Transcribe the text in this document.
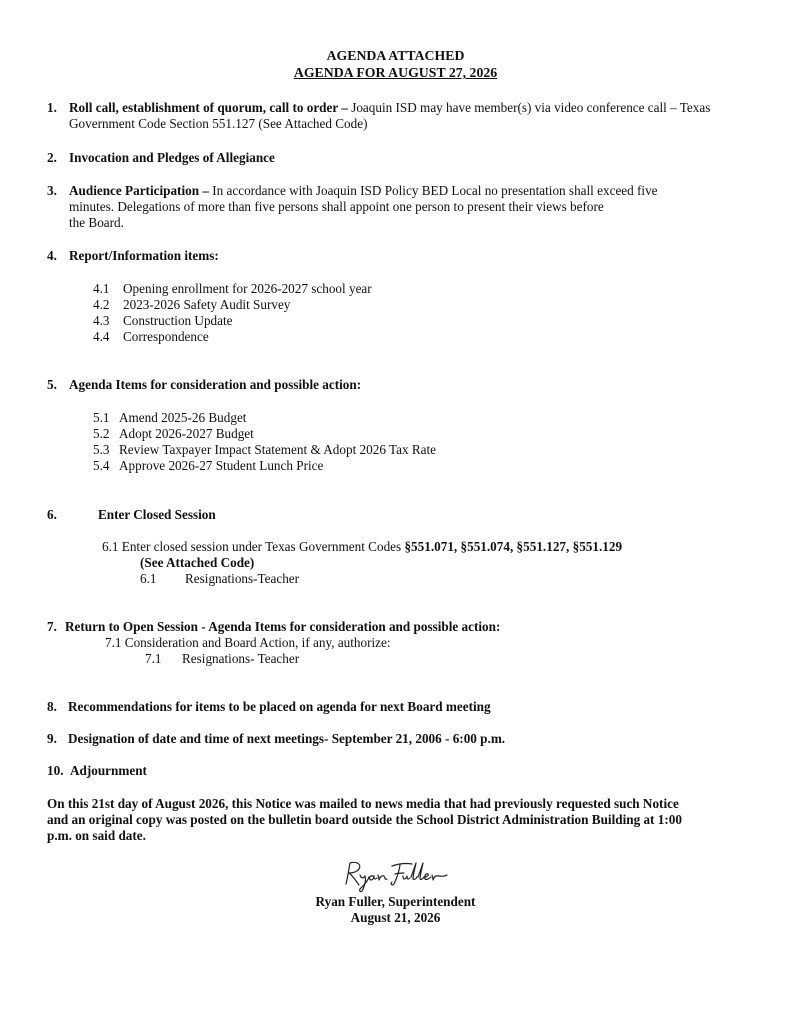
AGENDA ATTACHED
AGENDA FOR AUGUST 27, 2026
1. Roll call, establishment of quorum, call to order – Joaquin ISD may have member(s) via video conference call – Texas
Government Code Section 551.127 (See Attached Code)
2. Invocation and Pledges of Allegiance
3. Audience Participation – In accordance with Joaquin ISD Policy BED Local no presentation shall exceed five
minutes. Delegations of more than five persons shall appoint one person to present their views before
the Board.
4. Report/Information items:
4.1 Opening enrollment for 2026-2027 school year
4.2 2023-2026 Safety Audit Survey
4.3 Construction Update
4.4 Correspondence
5. Agenda Items for consideration and possible action:
5.1 Amend 2025-26 Budget
5.2 Adopt 2026-2027 Budget
5.3 Review Taxpayer Impact Statement & Adopt 2026 Tax Rate
5.4 Approve 2026-27 Student Lunch Price
6.	Enter Closed Session
6.1 Enter closed session under Texas Government Codes §551.071, §551.074, §551.127, §551.129
(See Attached Code)
6.1 Resignations-Teacher
7. Return to Open Session - Agenda Items for consideration and possible action:
7.1 Consideration and Board Action, if any, authorize:
7.1 Resignations- Teacher
8. Recommendations for items to be placed on agenda for next Board meeting
9. Designation of date and time of next meetings- September 21, 2006 - 6:00 p.m.
10. Adjournment
On this 21st day of August 2026, this Notice was mailed to news media that had previously requested such Notice
and an original copy was posted on the bulletin board outside the School District Administration Building at 1:00
p.m. on said date.
Ryan Fuller, Superintendent
August 21, 2026
